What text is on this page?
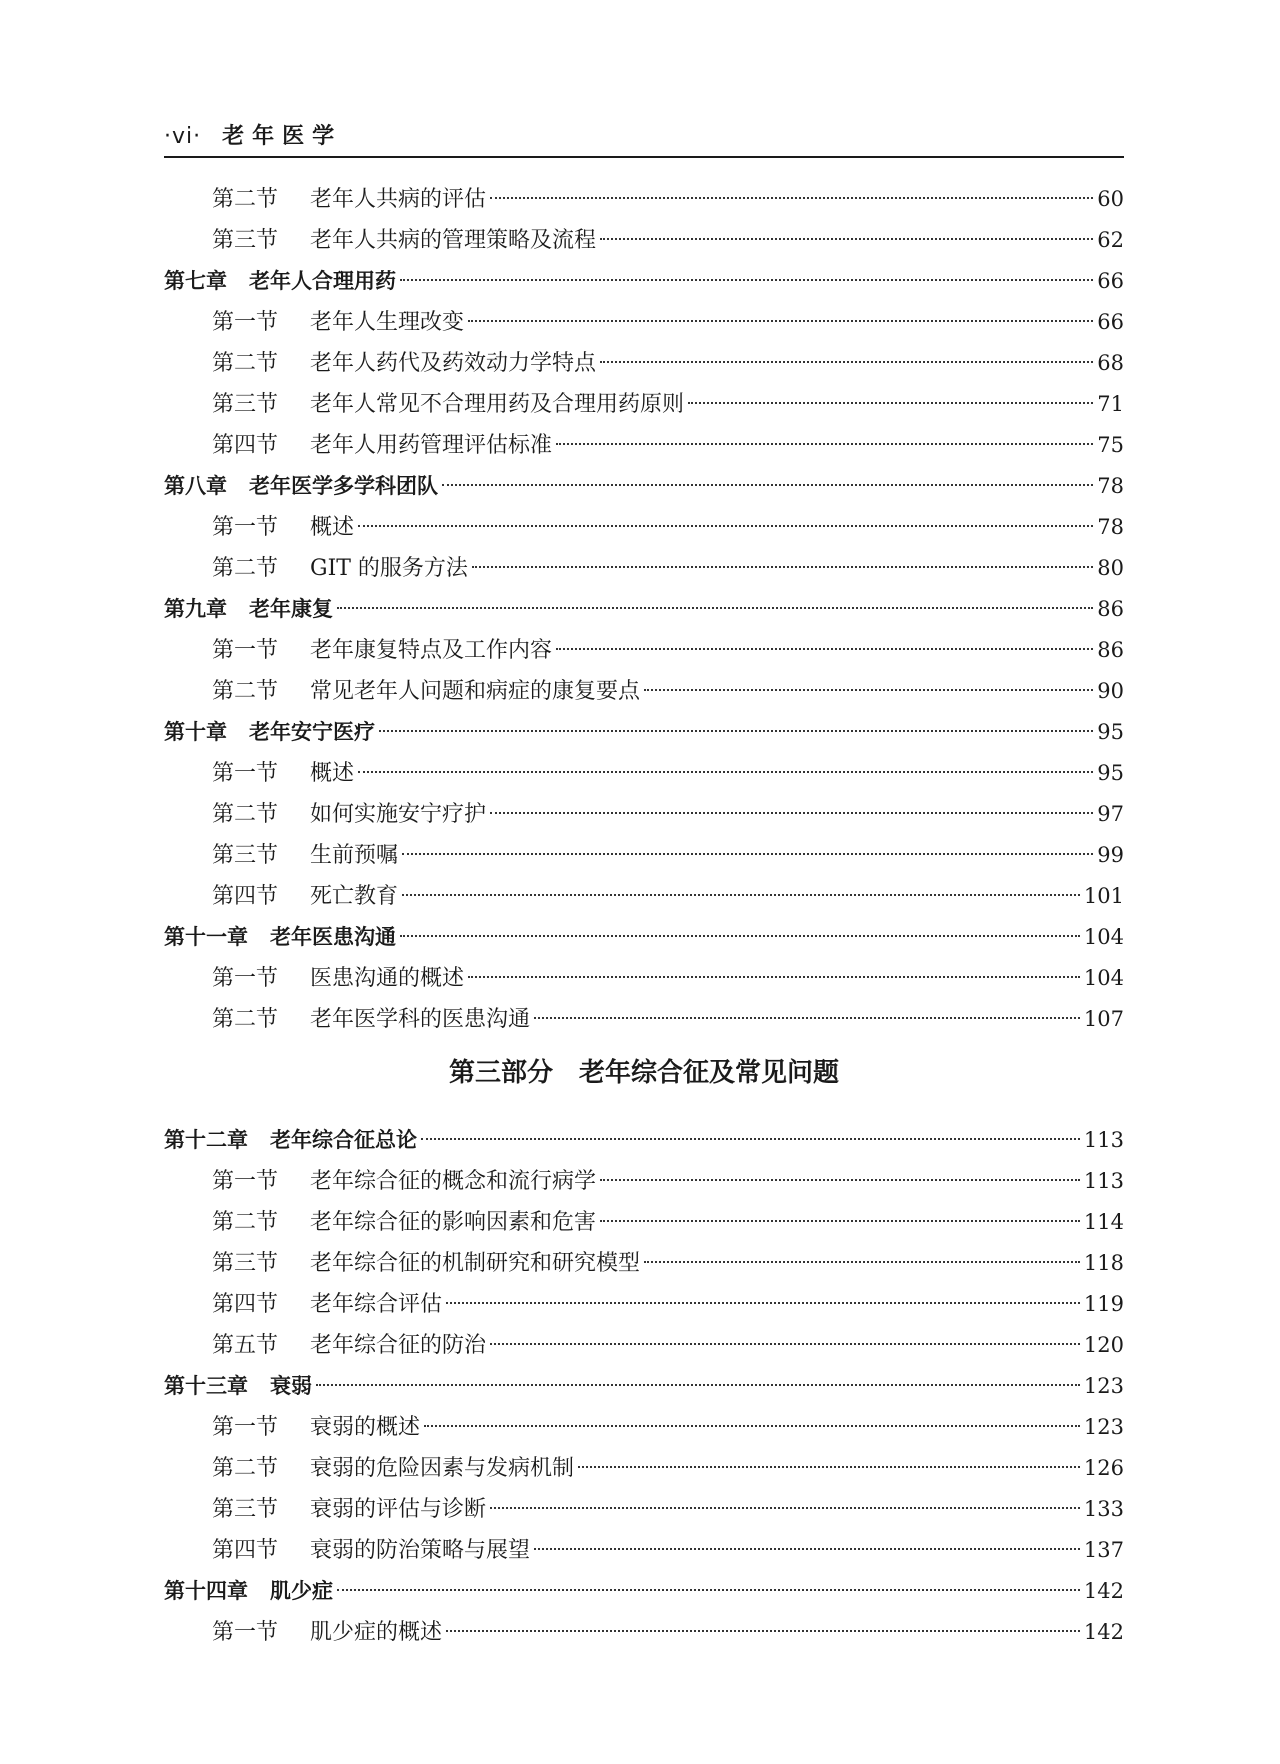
·vi· 老年医学
第二节	老年人共病的评估	60
第三节	老年人共病的管理策略及流程	62
第七章 老年人合理用药	66
第一节	老年人生理改变	66
第二节	老年人药代及药效动力学特点	68
第三节	老年人常见不合理用药及合理用药原则	71
第四节	老年人用药管理评估标准	75
第八章 老年医学多学科团队	78
第一节	概述	78
第二节	GIT 的服务方法	80
第九章 老年康复	86
第一节	老年康复特点及工作内容	86
第二节	常见老年人问题和病症的康复要点	90
第十章 老年安宁医疗	95
第一节	概述	95
第二节	如何实施安宁疗护	97
第三节	生前预嘱	99
第四节	死亡教育	101
第十一章 老年医患沟通	104
第一节	医患沟通的概述	104
第二节	老年医学科的医患沟通	107
第三部分 老年综合征及常见问题
第十二章 老年综合征总论	113
第一节	老年综合征的概念和流行病学	113
第二节	老年综合征的影响因素和危害	114
第三节	老年综合征的机制研究和研究模型	118
第四节	老年综合评估	119
第五节	老年综合征的防治	120
第十三章 衰弱	123
第一节	衰弱的概述	123
第二节	衰弱的危险因素与发病机制	126
第三节	衰弱的评估与诊断	133
第四节	衰弱的防治策略与展望	137
第十四章 肌少症	142
第一节	肌少症的概述	142
